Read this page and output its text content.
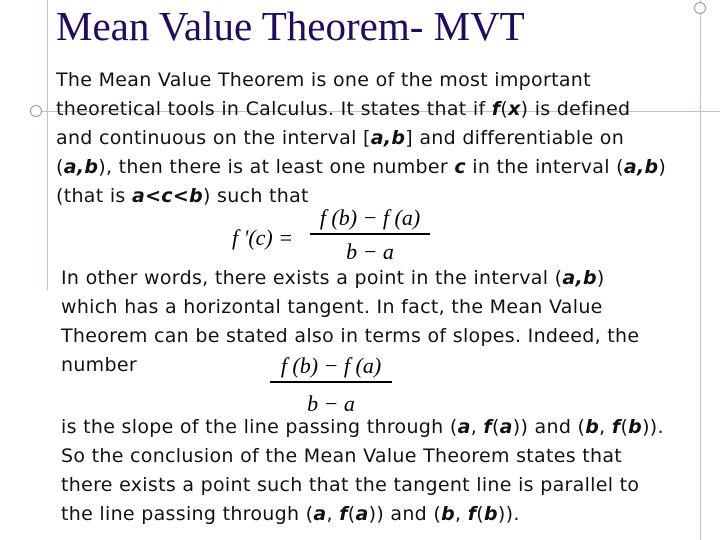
Mean Value Theorem- MVT
The Mean Value Theorem is one of the most important
theoretical tools in Calculus. It states that if f(x) is defined
and continuous on the interval [a,b] and differentiable on
(a,b), then there is at least one number c in the interval (a,b)
(that is a<c<b) such that
f '(c) =
f (b) − f (a)
b − a
In other words, there exists a point in the interval (a,b)
which has a horizontal tangent. In fact, the Mean Value
Theorem can be stated also in terms of slopes. Indeed, the
number	f (b) − f (a)
b − a
is the slope of the line passing through (a, f(a)) and (b, f(b)).
So the conclusion of the Mean Value Theorem states that
there exists a point such that the tangent line is parallel to
the line passing through (a, f(a)) and (b, f(b)).
